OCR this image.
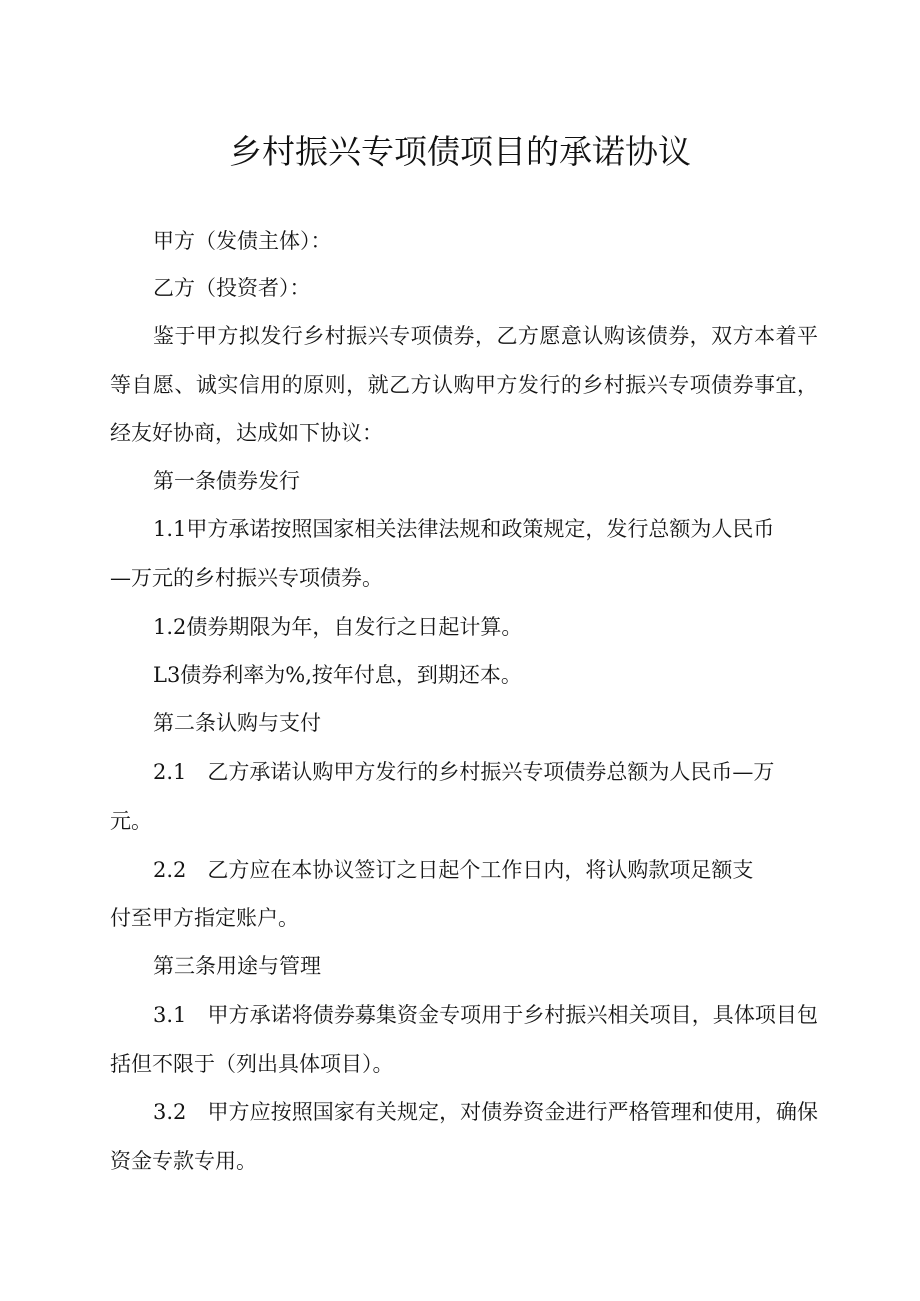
乡村振兴专项债项目的承诺协议
甲方（发债主体）：
乙方（投资者）：
鉴于甲方拟发行乡村振兴专项债券，乙方愿意认购该债券，双方本着平
等自愿、诚实信用的原则，就乙方认购甲方发行的乡村振兴专项债券事宜，
经友好协商，达成如下协议：
第一条债券发行
1.1甲方承诺按照国家相关法律法规和政策规定，发行总额为人民币
—万元的乡村振兴专项债券。
1.2债券期限为年，自发行之日起计算。
L3债券利率为%,按年付息，到期还本。
第二条认购与支付
2.1　乙方承诺认购甲方发行的乡村振兴专项债券总额为人民币—万
元。
2.2　乙方应在本协议签订之日起个工作日内，将认购款项足额支
付至甲方指定账户。
第三条用途与管理
3.1　甲方承诺将债券募集资金专项用于乡村振兴相关项目，具体项目包
括但不限于（列出具体项目）。
3.2　甲方应按照国家有关规定，对债券资金进行严格管理和使用，确保
资金专款专用。
